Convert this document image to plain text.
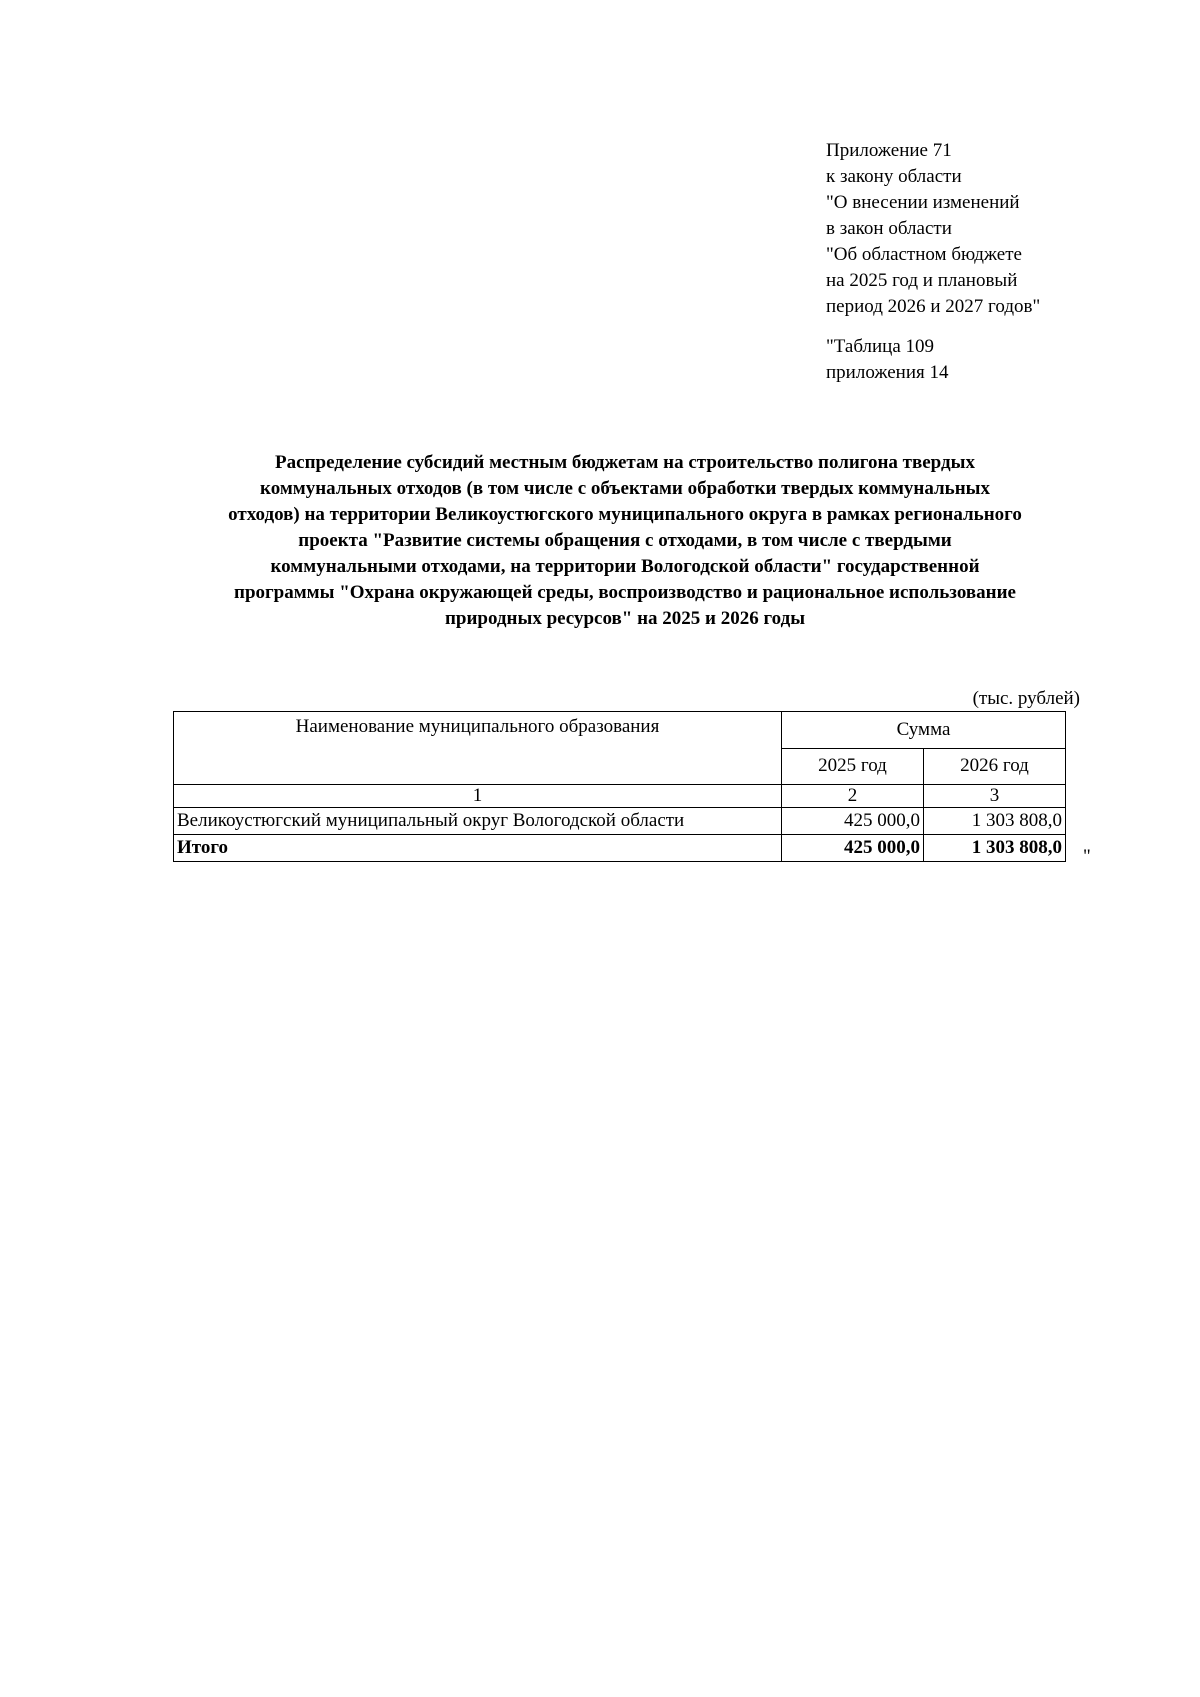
Приложение 71
к закону области
"О внесении изменений
в закон области
"Об областном бюджете
на 2025 год и плановый
период 2026 и 2027 годов"
"Таблица 109
приложения 14
Распределение субсидий местным бюджетам на строительство полигона твердых
коммунальных отходов (в том числе с объектами обработки твердых коммунальных
отходов) на территории Великоустюгского муниципального округа в рамках регионального
проекта "Развитие системы обращения с отходами, в том числе с твердыми
коммунальными отходами, на территории Вологодской области" государственной
программы "Охрана окружающей среды, воспроизводство и рациональное использование
природных ресурсов" на 2025 и 2026 годы
(тыс. рублей)
Наименование муниципального образования	Сумма	
	2025 год	2026 год
1	2	3
Великоустюгский муниципальный округ Вологодской области	425 000,0	1 303 808,0
Итого	425 000,0	1 303 808,0 "
